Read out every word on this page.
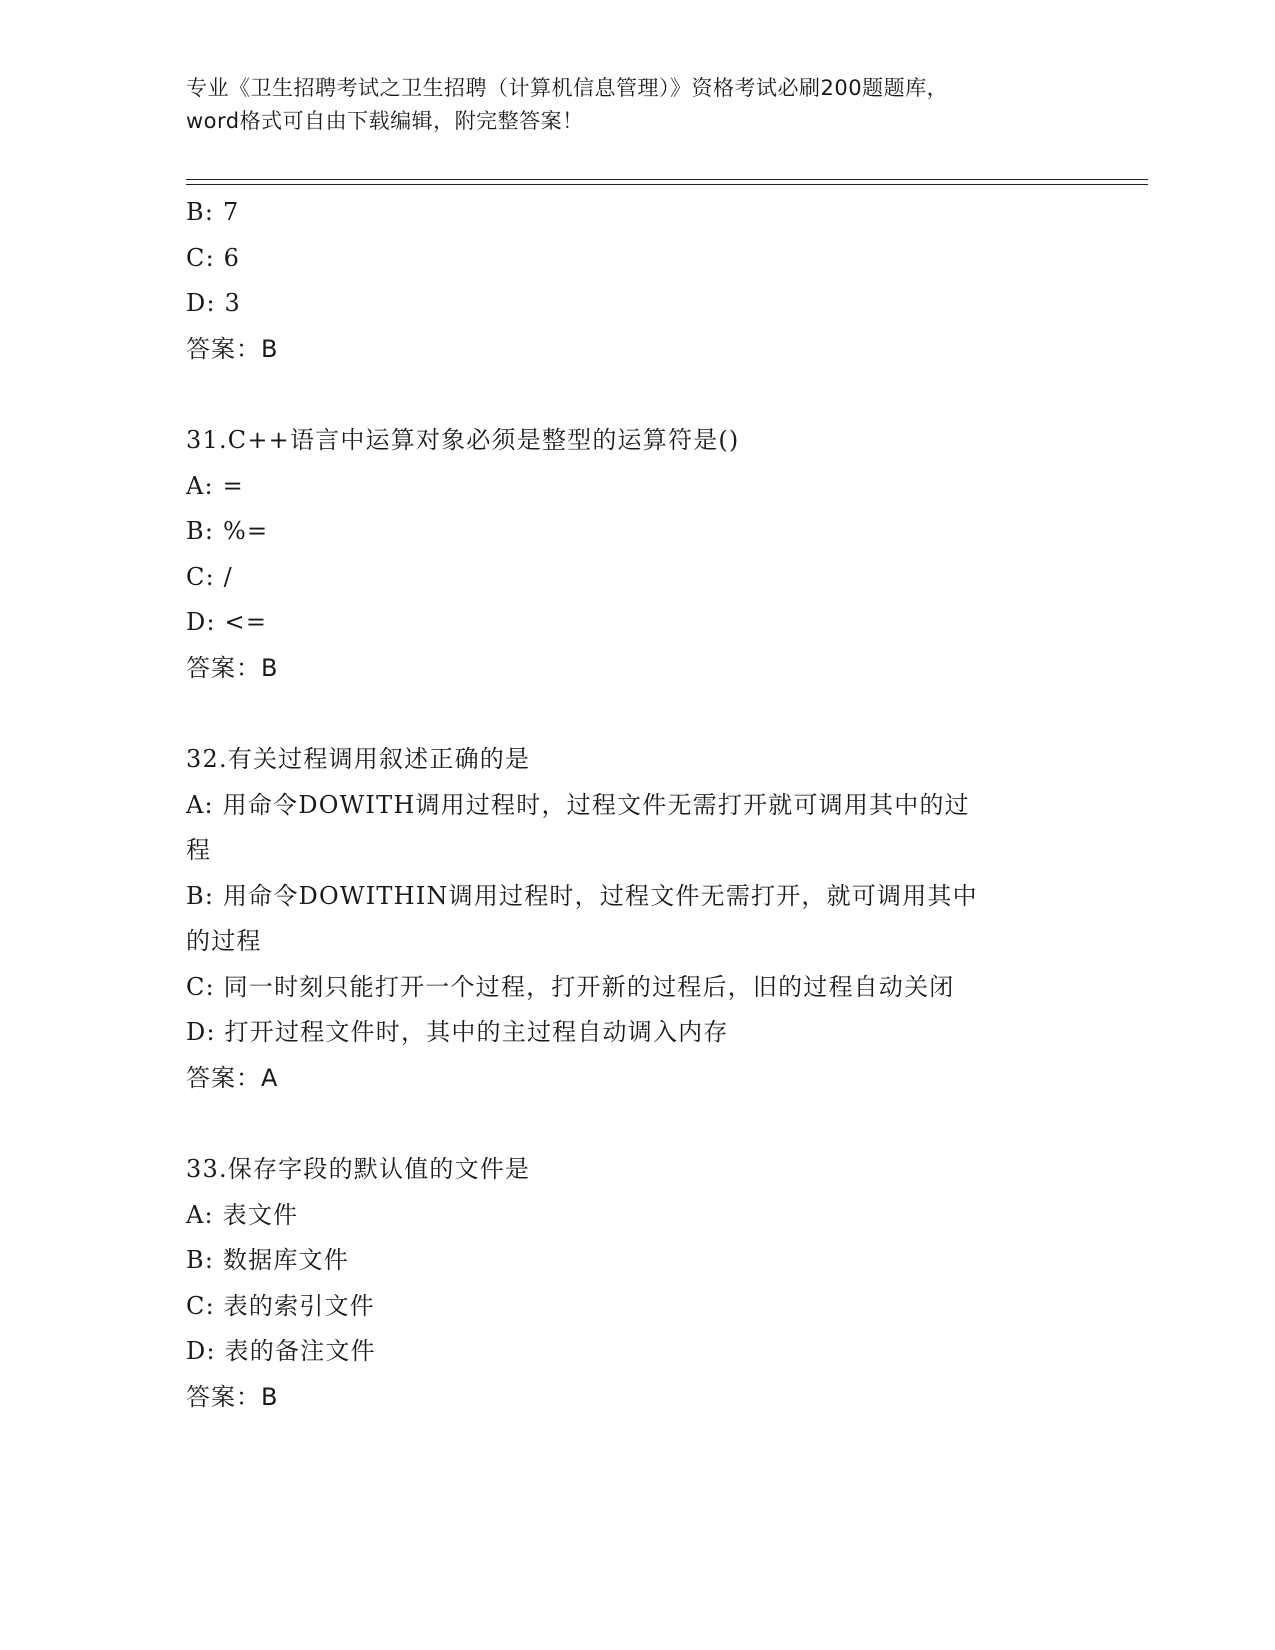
专业《卫生招聘考试之卫生招聘（计算机信息管理）》资格考试必刷200题题库，
word格式可自由下载编辑，附完整答案！

B: 7

C: 6

D: 3

答案：B

31.C++语言中运算对象必须是整型的运算符是()

A: =

B: %=

C: /

D: <=

答案：B

32.有关过程调用叙述正确的是

A: 用命令DOWITH调用过程时，过程文件无需打开就可调用其中的过

程

B: 用命令DOWITHIN调用过程时，过程文件无需打开，就可调用其中

的过程

C: 同一时刻只能打开一个过程，打开新的过程后，旧的过程自动关闭

D: 打开过程文件时，其中的主过程自动调入内存

答案：A

33.保存字段的默认值的文件是

A: 表文件

B: 数据库文件

C: 表的索引文件

D: 表的备注文件

答案：B
